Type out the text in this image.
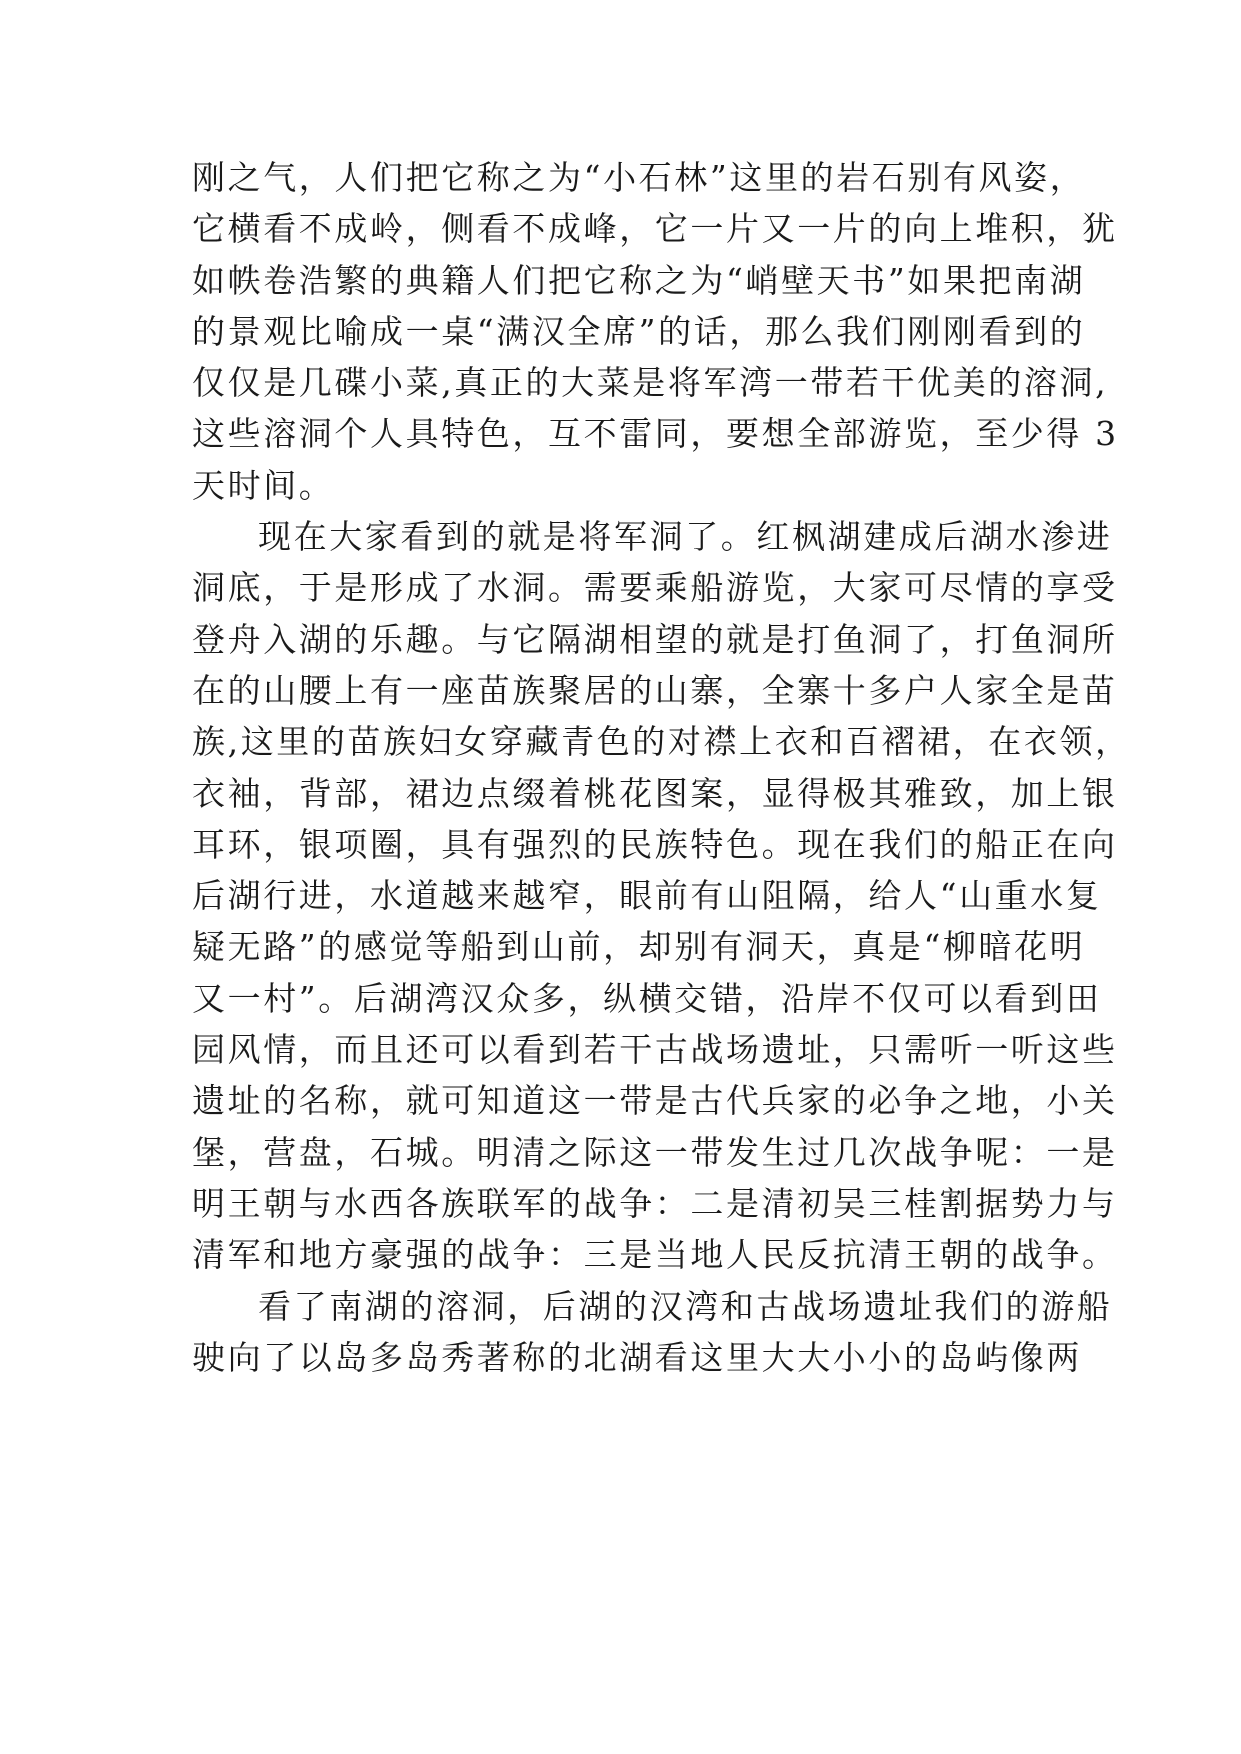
刚之气，人们把它称之为“小石林”这里的岩石别有风姿，
它横看不成岭，侧看不成峰，它一片又一片的向上堆积，犹
如帙卷浩繁的典籍人们把它称之为“峭壁天书”如果把南湖
的景观比喻成一桌“满汉全席”的话，那么我们刚刚看到的
仅仅是几碟小菜,真正的大菜是将军湾一带若干优美的溶洞,
这些溶洞个人具特色，互不雷同，要想全部游览，至少得 3
天时间。
现在大家看到的就是将军洞了。红枫湖建成后湖水渗进
洞底，于是形成了水洞。需要乘船游览，大家可尽情的享受
登舟入湖的乐趣。与它隔湖相望的就是打鱼洞了，打鱼洞所
在的山腰上有一座苗族聚居的山寨，全寨十多户人家全是苗
族,这里的苗族妇女穿藏青色的对襟上衣和百褶裙，在衣领，
衣袖，背部，裙边点缀着桃花图案，显得极其雅致，加上银
耳环，银项圈，具有强烈的民族特色。现在我们的船正在向
后湖行进，水道越来越窄，眼前有山阻隔，给人“山重水复
疑无路”的感觉等船到山前，却别有洞天，真是“柳暗花明
又一村”。后湖湾汉众多，纵横交错，沿岸不仅可以看到田
园风情，而且还可以看到若干古战场遗址，只需听一听这些
遗址的名称，就可知道这一带是古代兵家的必争之地，小关
堡，营盘，石城。明清之际这一带发生过几次战争呢：一是
明王朝与水西各族联军的战争：二是清初吴三桂割据势力与
清军和地方豪强的战争：三是当地人民反抗清王朝的战争。
看了南湖的溶洞，后湖的汉湾和古战场遗址我们的游船
驶向了以岛多岛秀著称的北湖看这里大大小小的岛屿像两
